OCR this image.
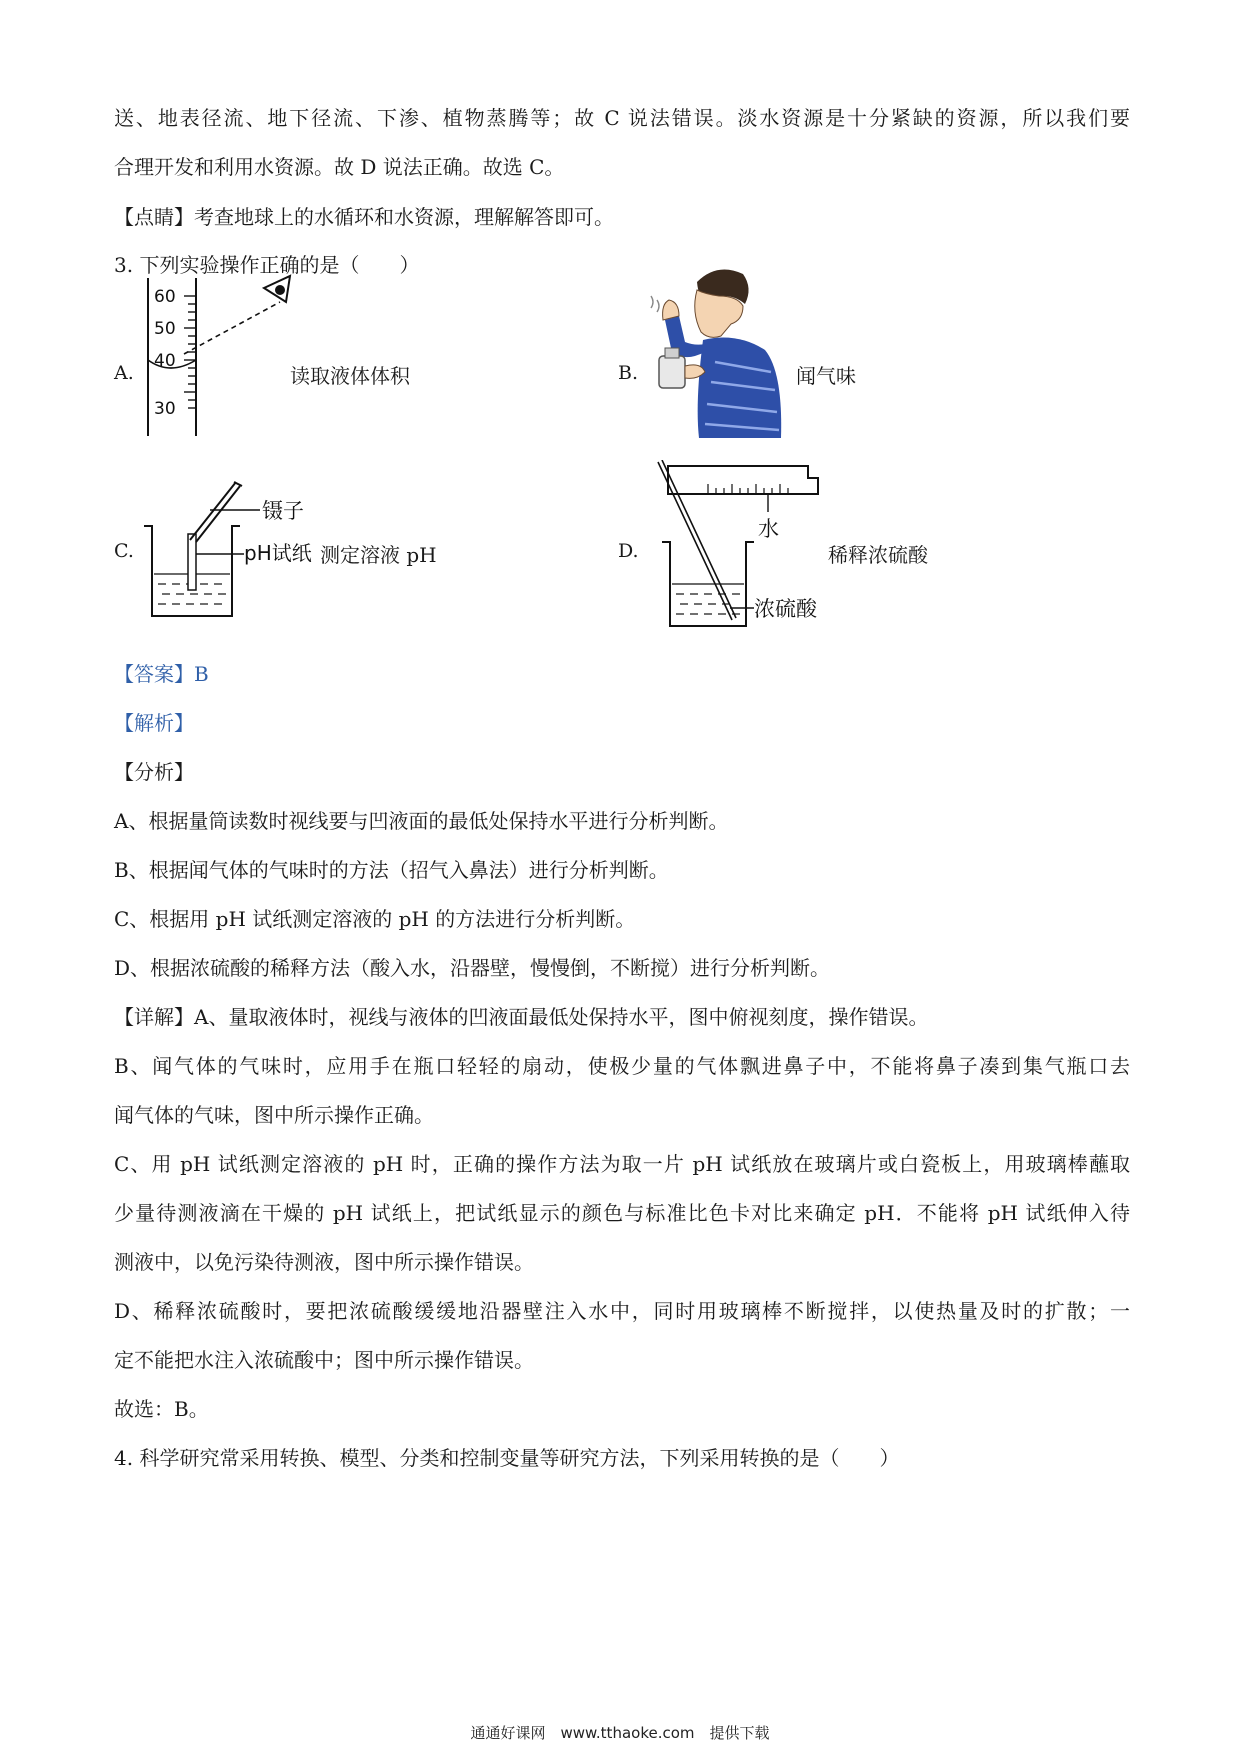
送、地表径流、地下径流、下渗、植物蒸腾等；故 C 说法错误。淡水资源是十分紧缺的资源，所以我们要
合理开发和利用水资源。故 D 说法正确。故选 C。
【点睛】考查地球上的水循环和水资源，理解解答即可。
3. 下列实验操作正确的是（　　）
A.
60
50
40
30
读取液体体积	B.	闻气味
C.
镊子
pH试纸 测定溶液 pH	D.
水
浓硫酸
稀释浓硫酸
【答案】B
【解析】
【分析】
A、根据量筒读数时视线要与凹液面的最低处保持水平进行分析判断。
B、根据闻气体的气味时的方法（招气入鼻法）进行分析判断。
C、根据用 pH 试纸测定溶液的 pH 的方法进行分析判断。
D、根据浓硫酸的稀释方法（酸入水，沿器壁，慢慢倒，不断搅）进行分析判断。
【详解】A、量取液体时，视线与液体的凹液面最低处保持水平，图中俯视刻度，操作错误。
B、闻气体的气味时，应用手在瓶口轻轻的扇动，使极少量的气体飘进鼻子中，不能将鼻子凑到集气瓶口去
闻气体的气味，图中所示操作正确。
C、用 pH 试纸测定溶液的 pH 时，正确的操作方法为取一片 pH 试纸放在玻璃片或白瓷板上，用玻璃棒蘸取
少量待测液滴在干燥的 pH 试纸上，把试纸显示的颜色与标准比色卡对比来确定 pH．不能将 pH 试纸伸入待
测液中，以免污染待测液，图中所示操作错误。
D、稀释浓硫酸时，要把浓硫酸缓缓地沿器壁注入水中，同时用玻璃棒不断搅拌，以使热量及时的扩散；一
定不能把水注入浓硫酸中；图中所示操作错误。
故选：B。
4. 科学研究常采用转换、模型、分类和控制变量等研究方法，下列采用转换的是（　　）
通通好课网　www.tthaoke.com　提供下载
